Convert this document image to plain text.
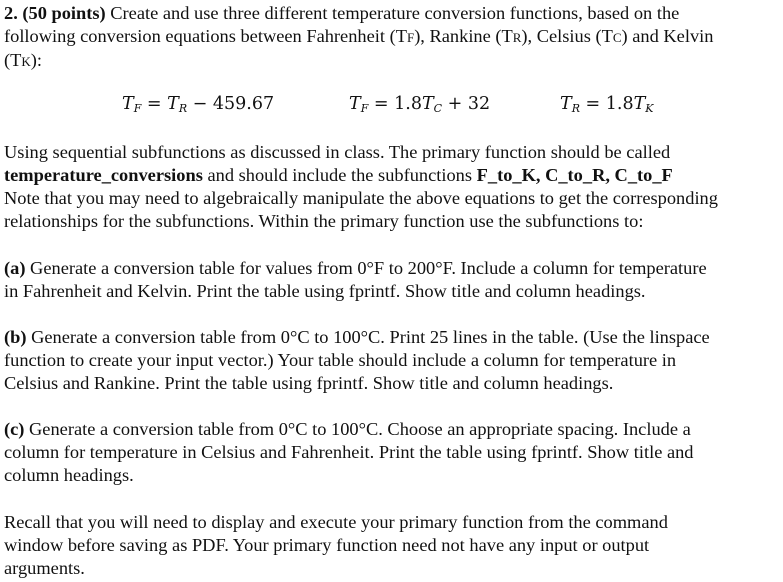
2. (50 points) Create and use three different temperature conversion functions, based on the

following conversion equations between Fahrenheit (TF), Rankine (TR), Celsius (TC) and Kelvin

(TK):

$T_F = T_R - 459.67$	$T_F = 1.8T_C + 32$	$T_R = 1.8T_K$

Using sequential subfunctions as discussed in class. The primary function should be called

temperature_conversions and should include the subfunctions F_to_K, C_to_R, C_to_F

Note that you may need to algebraically manipulate the above equations to get the corresponding

relationships for the subfunctions. Within the primary function use the subfunctions to:

(a) Generate a conversion table for values from 0°F to 200°F. Include a column for temperature

in Fahrenheit and Kelvin. Print the table using fprintf. Show title and column headings.

(b) Generate a conversion table from 0°C to 100°C. Print 25 lines in the table. (Use the linspace

function to create your input vector.) Your table should include a column for temperature in

Celsius and Rankine. Print the table using fprintf. Show title and column headings.

(c) Generate a conversion table from 0°C to 100°C. Choose an appropriate spacing. Include a

column for temperature in Celsius and Fahrenheit. Print the table using fprintf. Show title and

column headings.

Recall that you will need to display and execute your primary function from the command

window before saving as PDF. Your primary function need not have any input or output

arguments.
